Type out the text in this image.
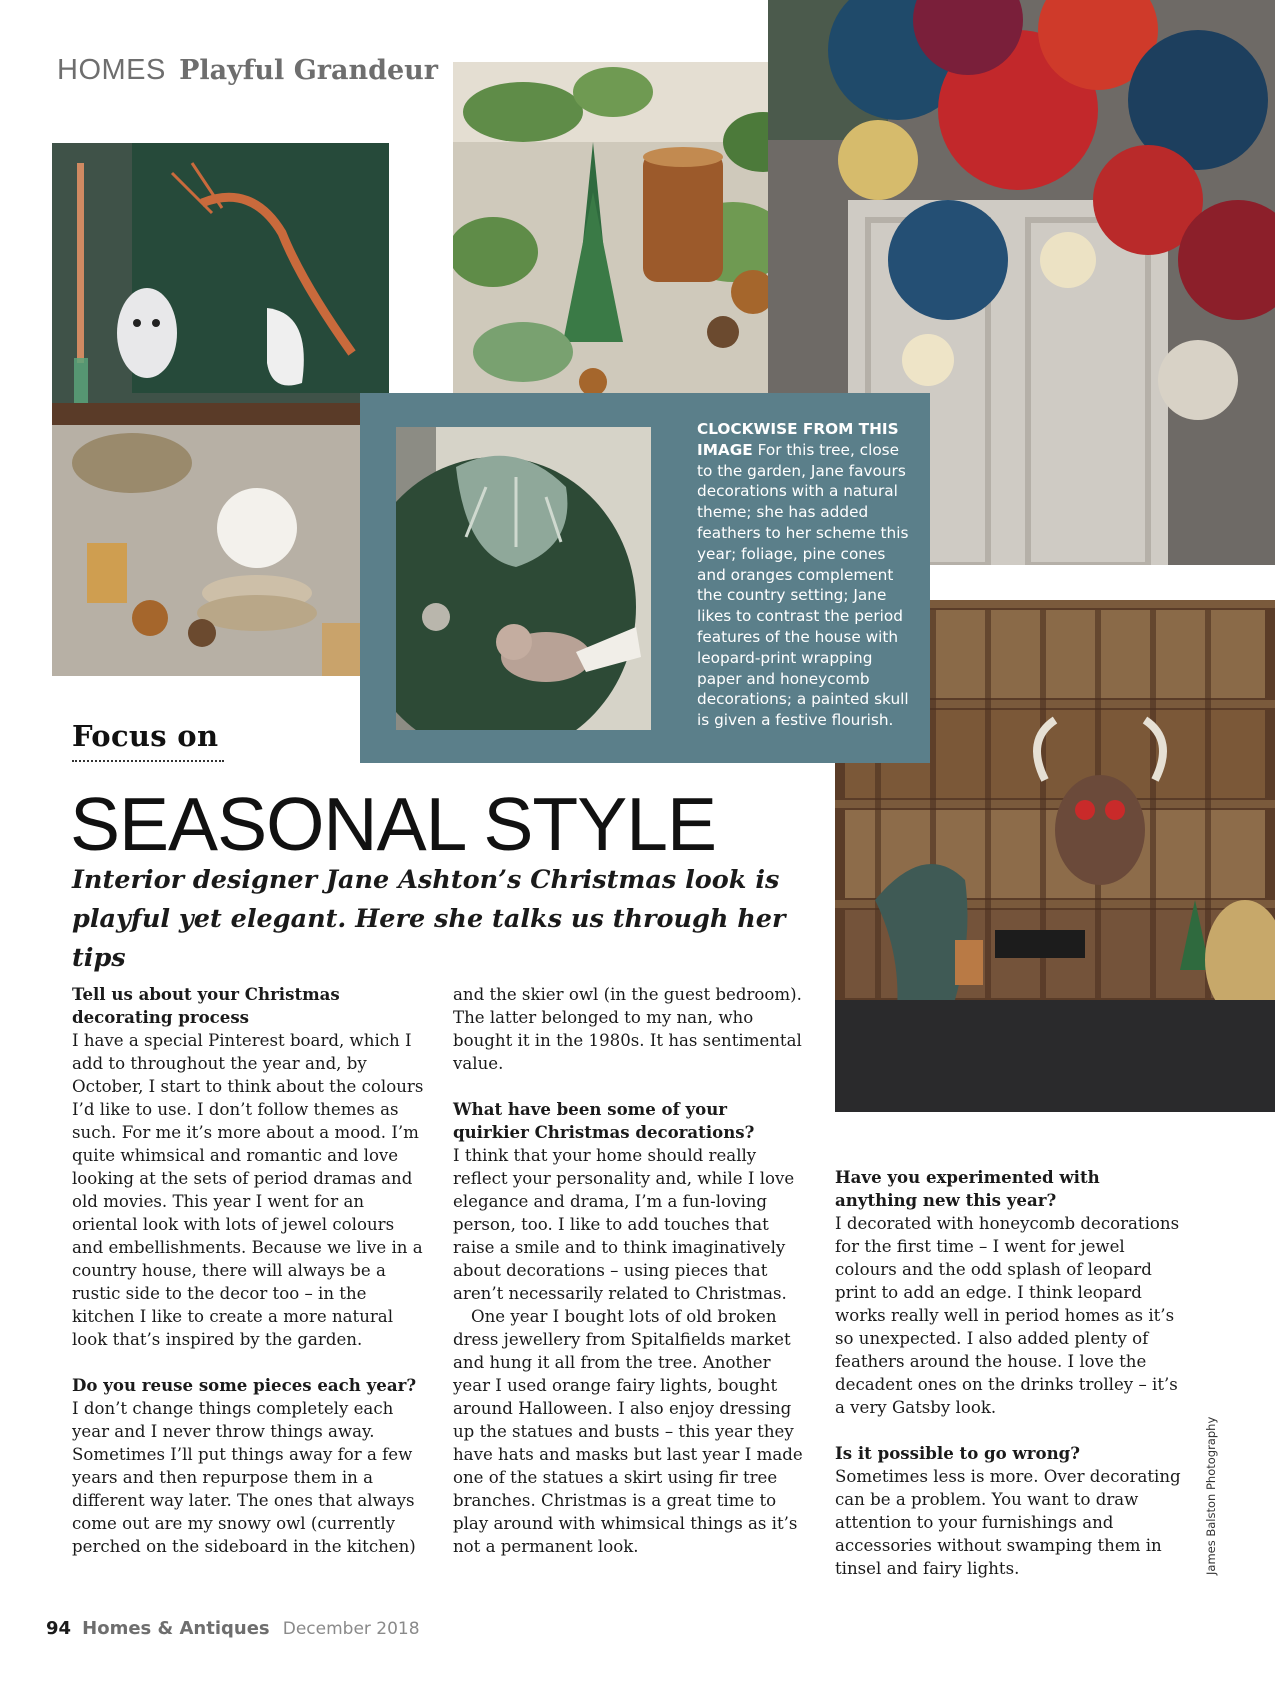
HOMES Playful Grandeur
CLOCKWISE FROM THIS IMAGE For this tree, close to the garden, Jane favours decorations with a natural theme; she has added feathers to her scheme this year; foliage, pine cones and oranges complement the country setting; Jane likes to contrast the period features of the house with leopard-print wrapping paper and honeycomb decorations; a painted skull is given a festive flourish.
Focus on
SEASONAL STYLE
Interior designer Jane Ashton’s Christmas look is playful yet elegant. Here she talks us through her tips

Tell us about your Christmas decorating process

I have a special Pinterest board, which I add to throughout the year and, by October, I start to think about the colours I’d like to use. I don’t follow themes as such. For me it’s more about a mood. I’m quite whimsical and romantic and love looking at the sets of period dramas and old movies. This year I went for an oriental look with lots of jewel colours and embellishments. Because we live in a country house, there will always be a rustic side to the decor too – in the kitchen I like to create a more natural look that’s inspired by the garden.

Do you reuse some pieces each year?

I don’t change things completely each year and I never throw things away. Sometimes I’ll put things away for a few years and then repurpose them in a different way later. The ones that always come out are my snowy owl (currently perched on the sideboard in the kitchen)

and the skier owl (in the guest bedroom). The latter belonged to my nan, who bought it in the 1980s. It has sentimental value.

What have been some of your quirkier Christmas decorations?

I think that your home should really reflect your personality and, while I love elegance and drama, I’m a fun-loving person, too. I like to add touches that raise a smile and to think imaginatively about decorations – using pieces that aren’t necessarily related to Christmas.

One year I bought lots of old broken dress jewellery from Spitalfields market and hung it all from the tree. Another year I used orange fairy lights, bought around Halloween. I also enjoy dressing up the statues and busts – this year they have hats and masks but last year I made one of the statues a skirt using fir tree branches. Christmas is a great time to play around with whimsical things as it’s not a permanent look.

Have you experimented with anything new this year?

I decorated with honeycomb decorations for the first time – I went for jewel colours and the odd splash of leopard print to add an edge. I think leopard works really well in period homes as it’s so unexpected. I also added plenty of feathers around the house. I love the decadent ones on the drinks trolley – it’s a very Gatsby look.

Is it possible to go wrong?

Sometimes less is more. Over decorating can be a problem. You want to draw attention to your furnishings and accessories without swamping them in tinsel and fairy lights.	James Balston Photography
94 Homes & Antiques December 2018
